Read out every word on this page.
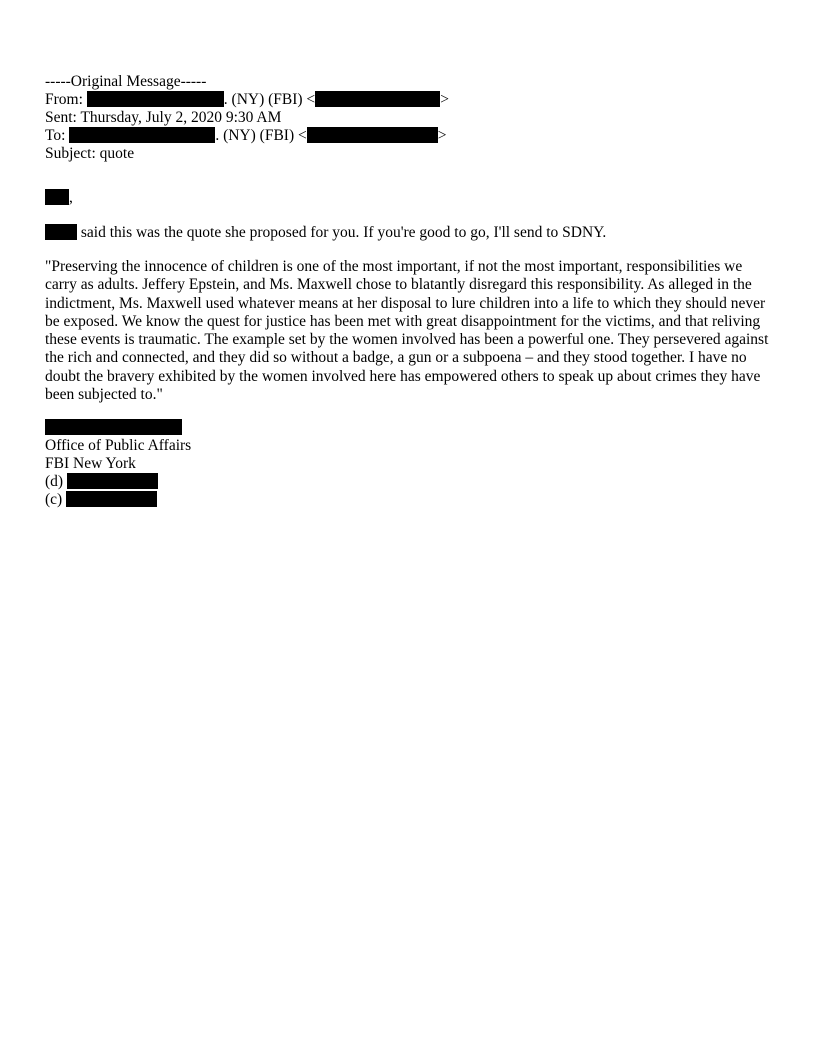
-----Original Message-----
From:	. (NY) (FBI) <	>
Sent: Thursday, July 2, 2020 9:30 AM
To:	. (NY) (FBI) <	>
Subject: quote
,
said this was the quote she proposed for you. If you're good to go, I'll send to SDNY.

"Preserving the innocence of children is one of the most important, if not the most important, responsibilities we carry as adults. Jeffery Epstein, and Ms. Maxwell chose to blatantly disregard this responsibility. As alleged in the indictment, Ms. Maxwell used whatever means at her disposal to lure children into a life to which they should never be exposed. We know the quest for justice has been met with great disappointment for the victims, and that reliving these events is traumatic. The example set by the women involved has been a powerful one. They persevered against the rich and connected, and they did so without a badge, a gun or a subpoena – and they stood together. I have no doubt the bravery exhibited by the women involved here has empowered others to speak up about crimes they have been subjected to."

Office of Public Affairs
FBI New York
(d)
(c)
